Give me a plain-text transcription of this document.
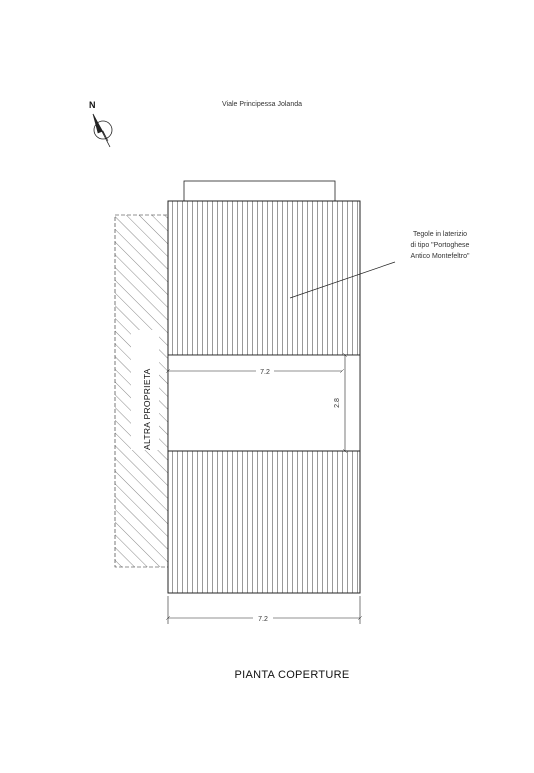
Viale Principessa Jolanda
N
ALTRA PROPRIETA	7.2
2.8
7.2
Tegole in laterizio
di tipo "Portoghese
Antico Montefeltro"
PIANTA COPERTURE
